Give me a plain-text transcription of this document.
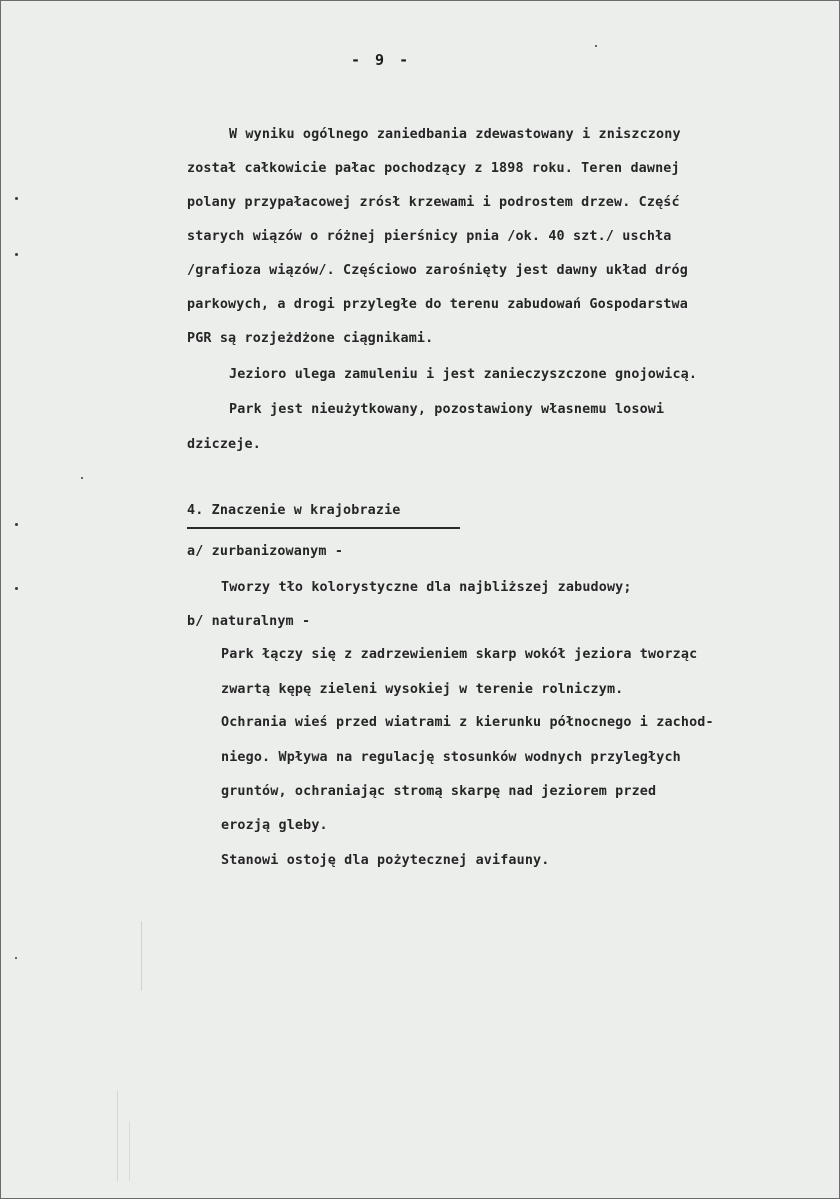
- 9 -
W wyniku ogólnego zaniedbania zdewastowany i zniszczony
został całkowicie pałac pochodzący z 1898 roku. Teren dawnej
polany przypałacowej zrósł krzewami i podrostem drzew. Część
starych wiązów o różnej pierśnicy pnia /ok. 40 szt./ uschła
/grafioza wiązów/. Częściowo zarośnięty jest dawny układ dróg
parkowych, a drogi przyległe do terenu zabudowań Gospodarstwa
PGR są rozjeżdżone ciągnikami.
Jezioro ulega zamuleniu i jest zanieczyszczone gnojowicą.
Park jest nieużytkowany, pozostawiony własnemu losowi
dziczeje.
4. Znaczenie w krajobrazie
a/ zurbanizowanym -
Tworzy tło kolorystyczne dla najbliższej zabudowy;
b/ naturalnym -
Park łączy się z zadrzewieniem skarp wokół jeziora tworząc
zwartą kępę zieleni wysokiej w terenie rolniczym.
Ochrania wieś przed wiatrami z kierunku północnego i zachod-
niego. Wpływa na regulację stosunków wodnych przyległych
gruntów, ochraniając stromą skarpę nad jeziorem przed
erozją gleby.
Stanowi ostoję dla pożytecznej avifauny.
